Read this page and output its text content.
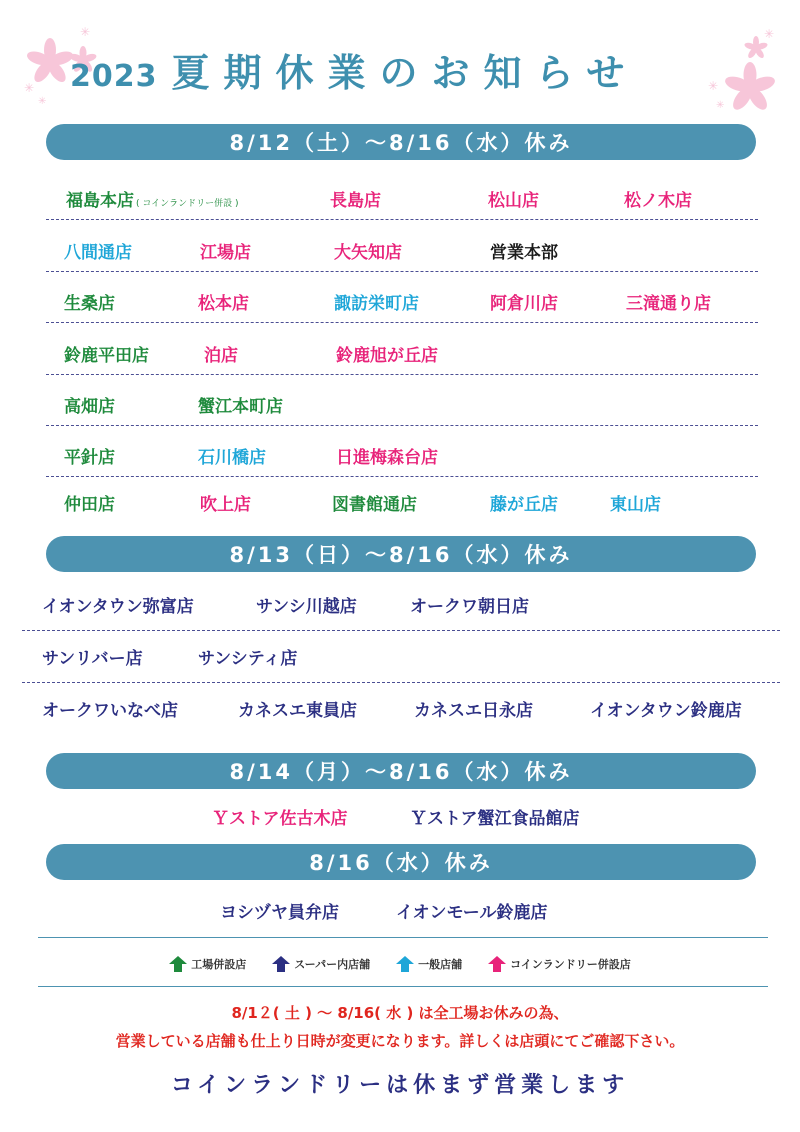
✳
✳
✳
✳
✳
✳
2023 夏期休業のお知らせ
8/12（土）～8/16（水）休み
福島本店 ( コインランドリー併設 )	長島店	松山店	松ノ木店
八間通店	江場店	大矢知店	営業本部
生桑店	松本店	諏訪栄町店	阿倉川店	三滝通り店
鈴鹿平田店	泊店	鈴鹿旭が丘店
高畑店	蟹江本町店
平針店	石川橋店	日進梅森台店
仲田店	吹上店	図書館通店	藤が丘店	東山店
8/13（日）～8/16（水）休み
イオンタウン弥富店	サンシ川越店	オークワ朝日店
サンリバー店	サンシティ店
オークワいなべ店	カネスエ東員店	カネスエ日永店	イオンタウン鈴鹿店
8/14（月）～8/16（水）休み
Ｙストア佐古木店	Ｙストア蟹江食品館店
8/16（水）休み
ヨシヅヤ員弁店	イオンモール鈴鹿店
工場併設店	スーパー内店舗	一般店舗	コインランドリー併設店
8/1２( 土 ) ～ 8/16( 水 ) は全工場お休みの為、
営業している店舗も仕上り日時が変更になります。詳しくは店頭にてご確認下さい。
コインランドリーは休まず営業します
